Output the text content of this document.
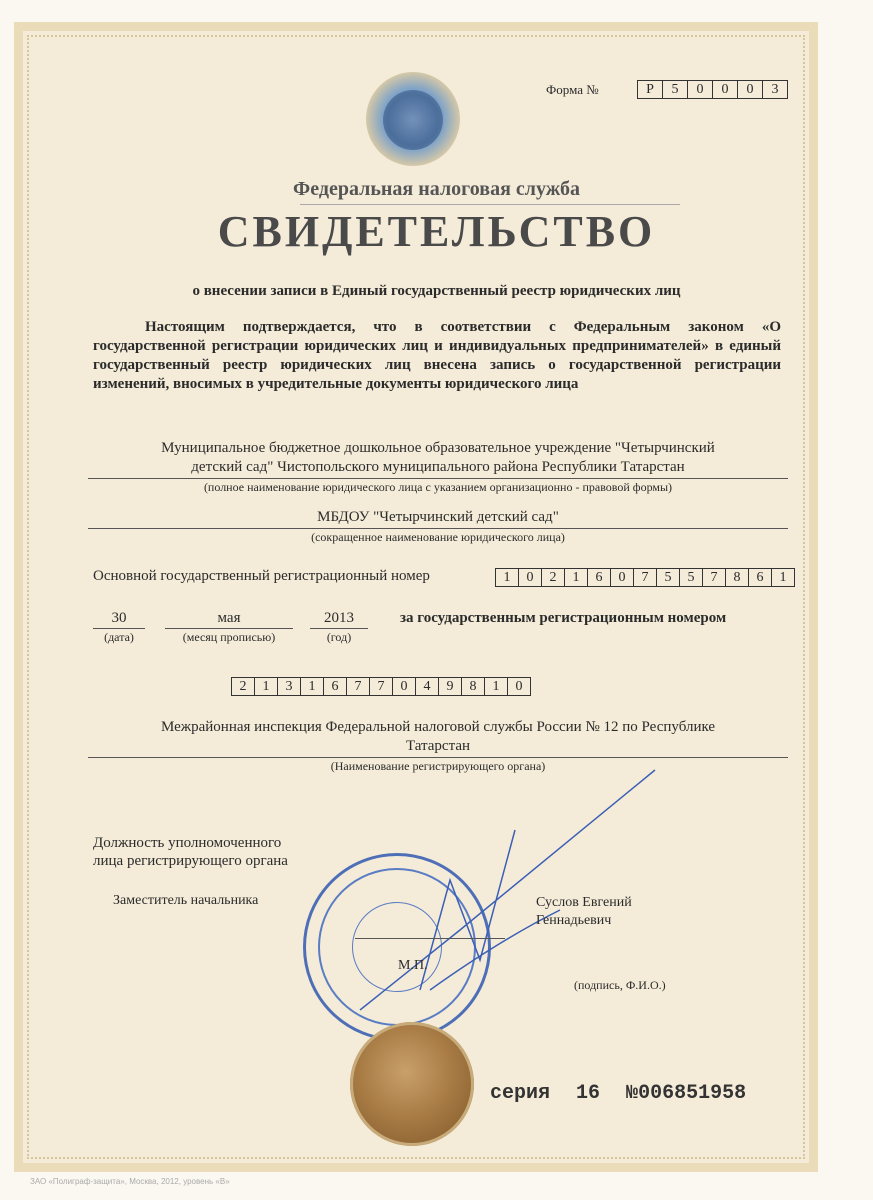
Форма №	Р	5	0	0	0	3
Федеральная налоговая служба
СВИДЕТЕЛЬСТВО
о внесении записи в Единый государственный реестр юридических лиц
Настоящим подтверждается, что в соответствии с Федеральным законом «О государственной регистрации юридических лиц и индивидуальных предпринимателей» в единый государственный реестр юридических лиц внесена запись о государственной регистрации изменений, вносимых в учредительные документы юридического лица
Муниципальное бюджетное дошкольное образовательное учреждение "Четырчинский
детский сад" Чистопольского муниципального района Республики Татарстан
(полное наименование юридического лица с указанием организационно - правовой формы)
МБДОУ "Четырчинский детский сад"
(сокращенное наименование юридического лица)
Основной государственный регистрационный номер	1	0	2	1	6	0	7	5	5	7	8	6	1
30
(дата)
мая
(месяц прописью)
2013
(год)
за государственным регистрационным номером
2	1	3	1	6	7	7	0	4	9	8	1	0
Межрайонная инспекция Федеральной налоговой службы России № 12 по Республике
Татарстан
(Наименование регистрирующего органа)
Должность уполномоченного
лица регистрирующего органа
Заместитель начальника	Суслов Евгений
Геннадьевич
М.П.
(подпись, Ф.И.О.)
серия 16 №006851958
ЗАО «Полиграф-защита», Москва, 2012, уровень «В»
